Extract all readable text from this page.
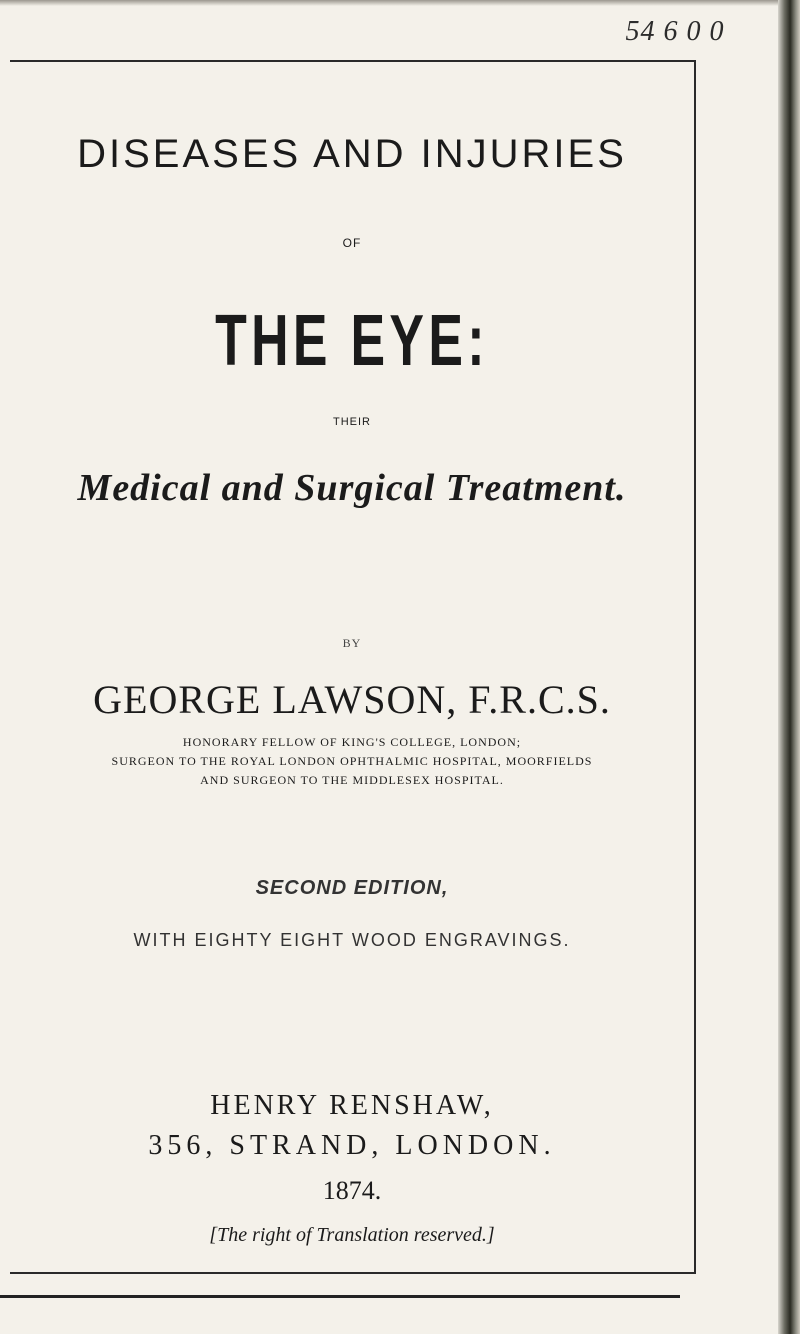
54 6 0 0
DISEASES AND INJURIES
OF
THE EYE:
THEIR
Medical and Surgical Treatment.
BY
GEORGE LAWSON, F.R.C.S.
HONORARY FELLOW OF KING'S COLLEGE, LONDON;
SURGEON TO THE ROYAL LONDON OPHTHALMIC HOSPITAL, MOORFIELDS
AND SURGEON TO THE MIDDLESEX HOSPITAL.
SECOND EDITION,
WITH EIGHTY EIGHT WOOD ENGRAVINGS.
HENRY RENSHAW,
356, STRAND, LONDON.
1874.
[The right of Translation reserved.]
